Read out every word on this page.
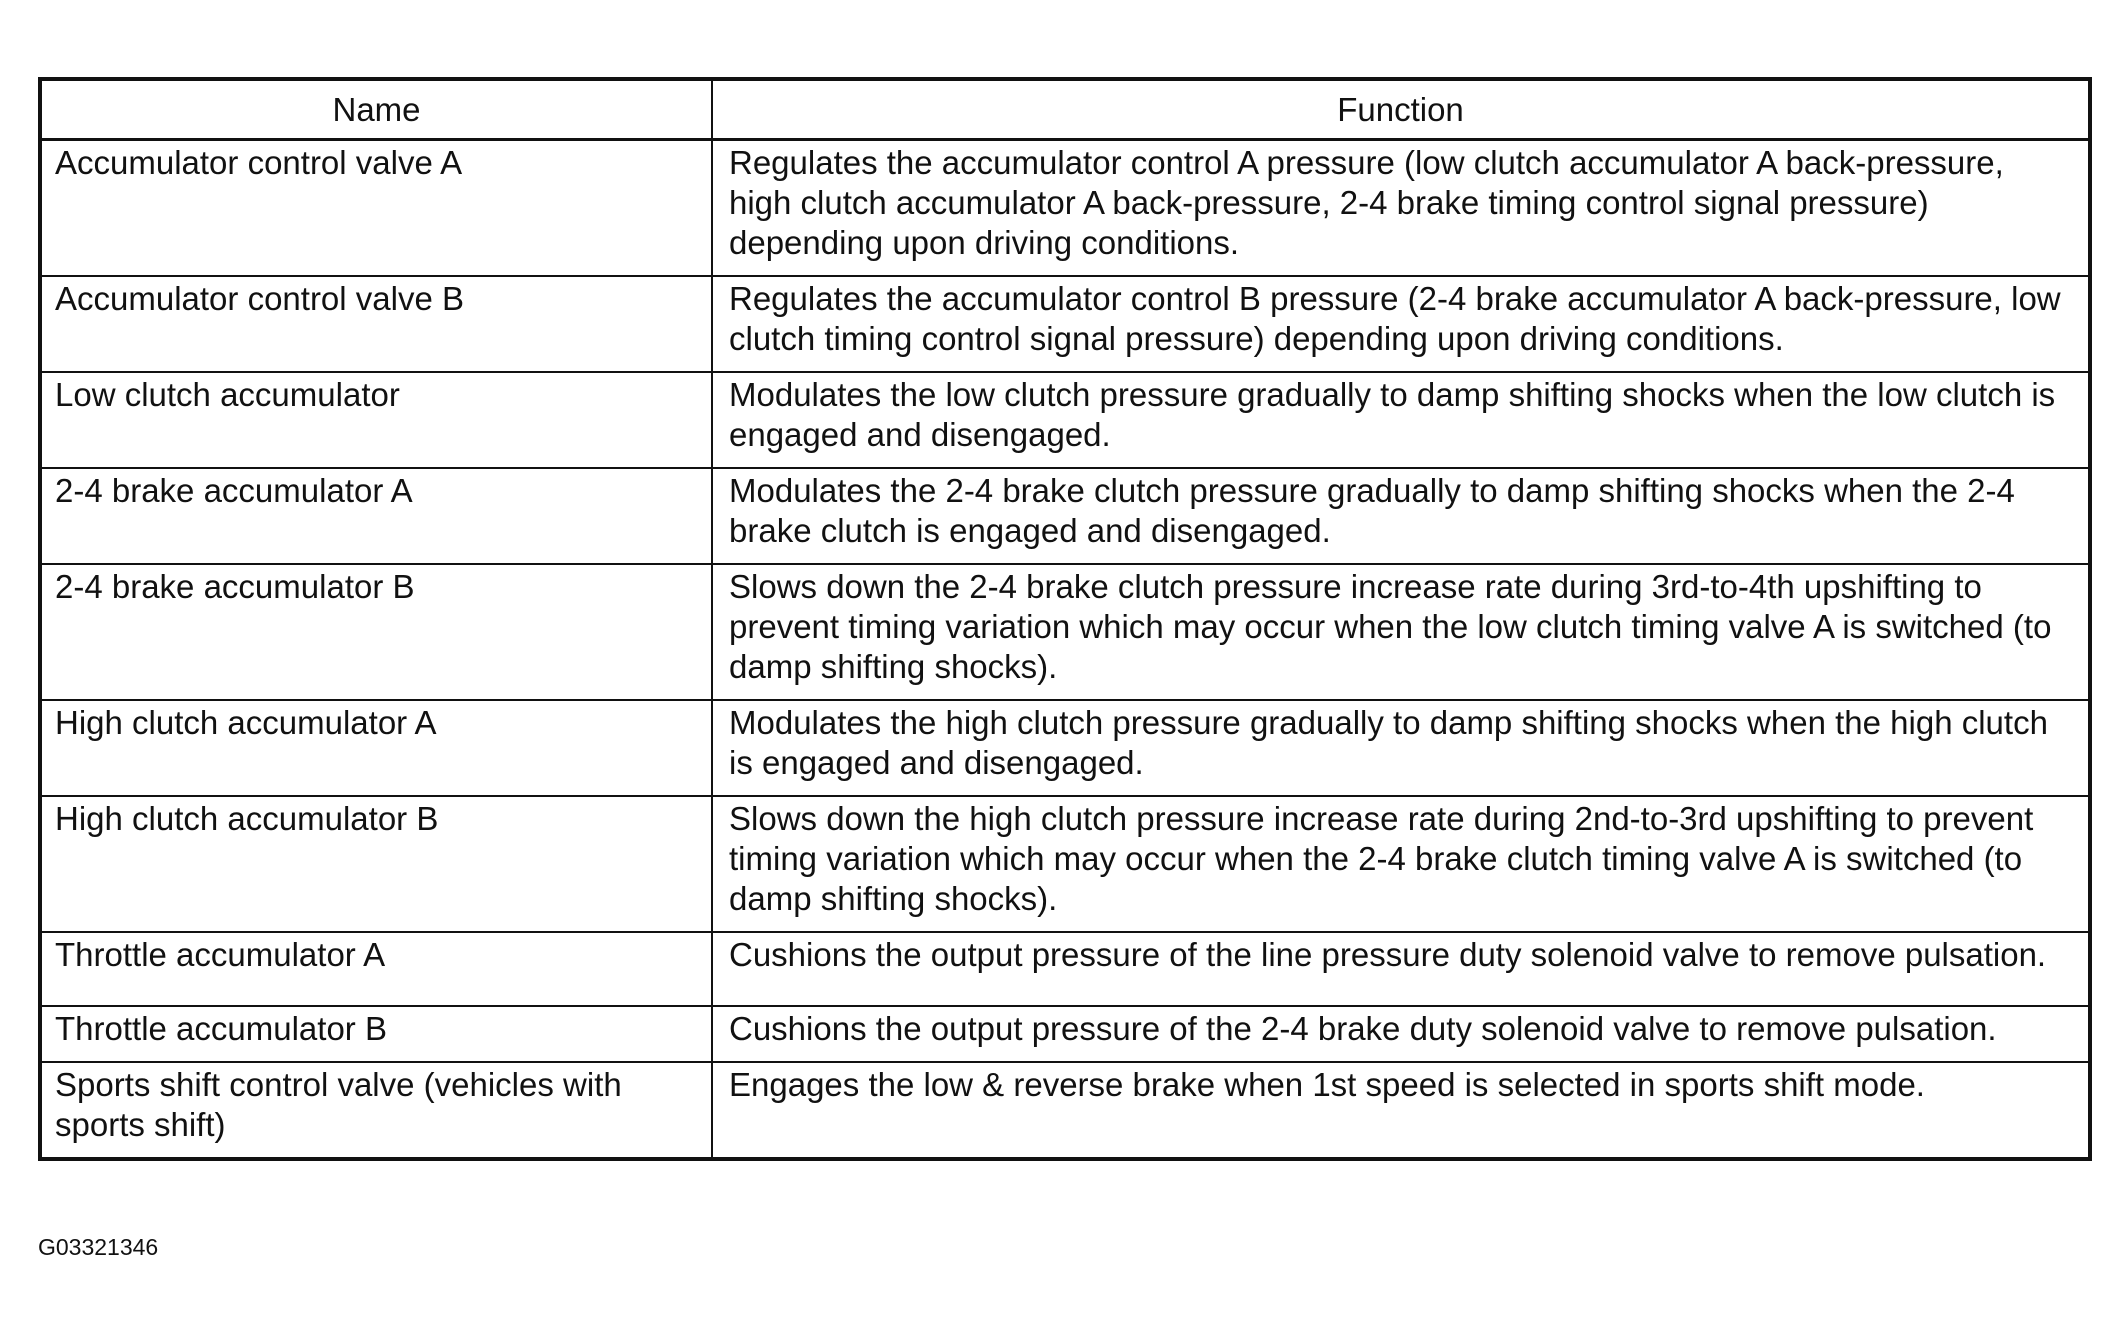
Name	Function
Accumulator control valve A	Regulates the accumulator control A pressure (low clutch accumulator A back-pressure, high clutch accumulator A back-pressure, 2-4 brake timing control signal pressure) depending upon driving conditions.
Accumulator control valve B	Regulates the accumulator control B pressure (2-4 brake accumulator A back-pressure, low clutch timing control signal pressure) depending upon driving conditions.
Low clutch accumulator	Modulates the low clutch pressure gradually to damp shifting shocks when the low clutch is engaged and disengaged.
2-4 brake accumulator A	Modulates the 2-4 brake clutch pressure gradually to damp shifting shocks when the 2-4 brake clutch is engaged and disengaged.
2-4 brake accumulator B	Slows down the 2-4 brake clutch pressure increase rate during 3rd-to-4th upshifting to prevent timing variation which may occur when the low clutch timing valve A is switched (to damp shifting shocks).
High clutch accumulator A	Modulates the high clutch pressure gradually to damp shifting shocks when the high clutch is engaged and disengaged.
High clutch accumulator B	Slows down the high clutch pressure increase rate during 2nd-to-3rd upshifting to prevent timing variation which may occur when the 2-4 brake clutch timing valve A is switched (to damp shifting shocks).
Throttle accumulator A	Cushions the output pressure of the line pressure duty solenoid valve to remove pulsation.
Throttle accumulator B	Cushions the output pressure of the 2-4 brake duty solenoid valve to remove pulsation.
Sports shift control valve (vehicles with sports shift)	Engages the low & reverse brake when 1st speed is selected in sports shift mode.
G03321346
